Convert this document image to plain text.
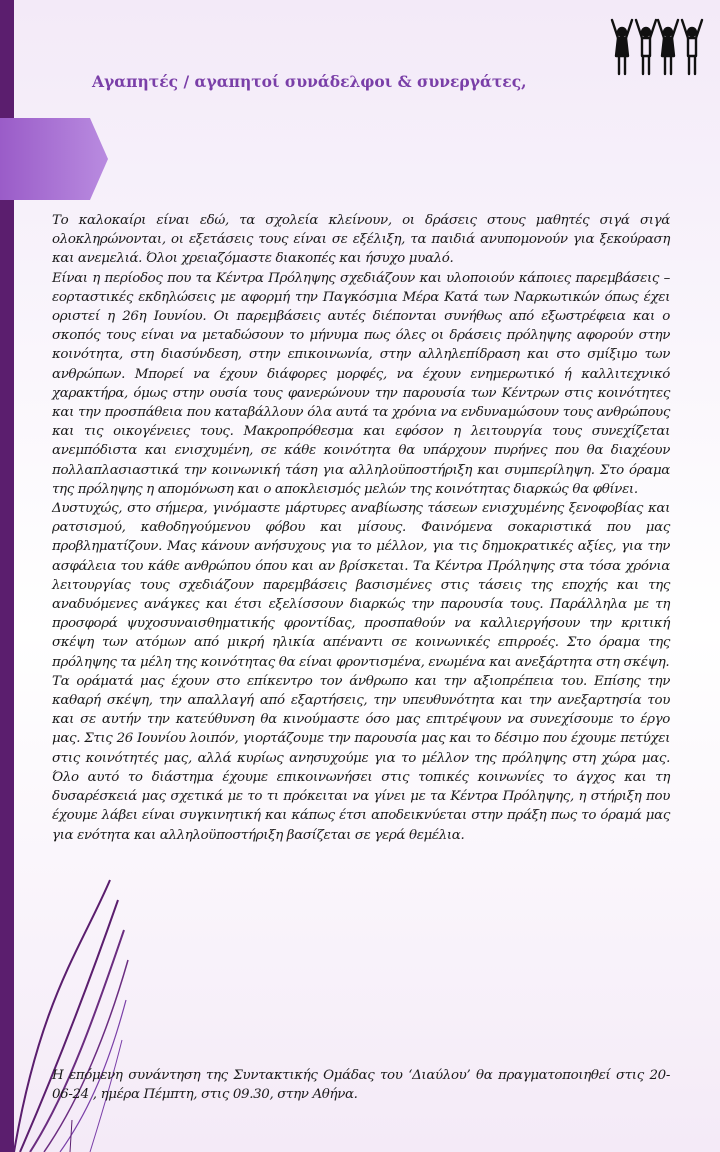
Αγαπητές / αγαπητοί συνάδελφοι & συνεργάτες,

Το καλοκαίρι είναι εδώ, τα σχολεία κλείνουν, οι δράσεις στους μαθητές σιγά σιγά ολοκληρώνονται, οι εξετάσεις τους είναι σε εξέλιξη, τα παιδιά ανυπομονούν για ξεκούραση και ανεμελιά. Όλοι χρειαζόμαστε διακοπές και ήσυχο μυαλό.

Είναι η περίοδος που τα Κέντρα Πρόληψης σχεδιάζουν και υλοποιούν κάποιες παρεμβάσεις –εορταστικές εκδηλώσεις με αφορμή την Παγκόσμια Μέρα Κατά των Ναρκωτικών όπως έχει οριστεί η 26η Ιουνίου. Οι παρεμβάσεις αυτές διέπονται συνήθως από εξωστρέφεια και ο σκοπός τους είναι να μεταδώσουν το μήνυμα πως όλες οι δράσεις πρόληψης αφορούν στην κοινότητα, στη διασύνδεση, στην επικοινωνία, στην αλληλεπίδραση και στο σμίξιμο των ανθρώπων. Μπορεί να έχουν διάφορες μορφές, να έχουν ενημερωτικό ή καλλιτεχνικό χαρακτήρα, όμως στην ουσία τους φανερώνουν την παρουσία των Κέντρων στις κοινότητες και την προσπάθεια που καταβάλλουν όλα αυτά τα χρόνια να ενδυναμώσουν τους ανθρώπους και τις οικογένειες τους. Μακροπρόθεσμα και εφόσον η λειτουργία τους συνεχίζεται ανεμπόδιστα και ενισχυμένη, σε κάθε κοινότητα θα υπάρχουν πυρήνες που θα διαχέουν πολλαπλασιαστικά την κοινωνική τάση για αλληλοϋποστήριξη και συμπερίληψη. Στο όραμα της πρόληψης η απομόνωση και ο αποκλεισμός μελών της κοινότητας διαρκώς θα φθίνει.

Δυστυχώς, στο σήμερα, γινόμαστε μάρτυρες αναβίωσης τάσεων ενισχυμένης ξενοφοβίας και ρατσισμού, καθοδηγούμενου φόβου και μίσους. Φαινόμενα σοκαριστικά που μας προβληματίζουν. Μας κάνουν ανήσυχους για το μέλλον, για τις δημοκρατικές αξίες, για την ασφάλεια του κάθε ανθρώπου όπου και αν βρίσκεται. Τα Κέντρα Πρόληψης στα τόσα χρόνια λειτουργίας τους σχεδιάζουν παρεμβάσεις βασισμένες στις τάσεις της εποχής και της αναδυόμενες ανάγκες και έτσι εξελίσσουν διαρκώς την παρουσία τους. Παράλληλα με τη προσφορά ψυχοσυναισθηματικής φροντίδας, προσπαθούν να καλλιεργήσουν την κριτική σκέψη των ατόμων από μικρή ηλικία απέναντι σε κοινωνικές επιρροές. Στο όραμα της πρόληψης τα μέλη της κοινότητας θα είναι φροντισμένα, ενωμένα και ανεξάρτητα στη σκέψη.

Τα οράματά μας έχουν στο επίκεντρο τον άνθρωπο και την αξιοπρέπεια του. Επίσης την καθαρή σκέψη, την απαλλαγή από εξαρτήσεις, την υπευθυνότητα και την ανεξαρτησία του και σε αυτήν την κατεύθυνση θα κινούμαστε όσο μας επιτρέψουν να συνεχίσουμε το έργο μας. Στις 26 Ιουνίου λοιπόν, γιορτάζουμε την παρουσία μας και το δέσιμο που έχουμε πετύχει στις κοινότητές μας, αλλά κυρίως ανησυχούμε για το μέλλον της πρόληψης στη χώρα μας. Όλο αυτό το διάστημα έχουμε επικοινωνήσει στις τοπικές κοινωνίες το άγχος και τη δυσαρέσκειά μας σχετικά με το τι πρόκειται να γίνει με τα Κέντρα Πρόληψης, η στήριξη που έχουμε λάβει είναι συγκινητική και κάπως έτσι αποδεικνύεται στην πράξη πως το όραμά μας για ενότητα και αλληλοϋποστήριξη βασίζεται σε γερά θεμέλια.

Η επόμενη συνάντηση της Συντακτικής Ομάδας του ‘Διαύλου’ θα πραγματοποιηθεί στις 20-06-24 , ημέρα Πέμπτη, στις 09.30, στην Αθήνα.
